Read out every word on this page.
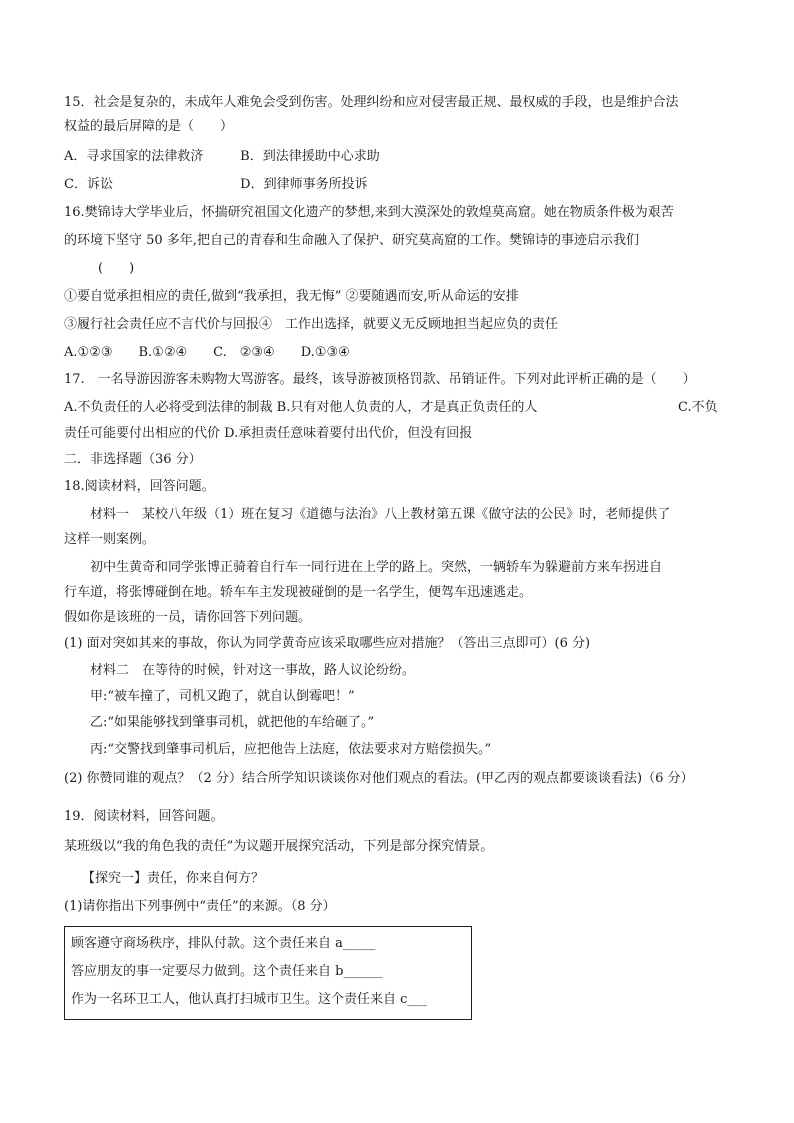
15．社会是复杂的，未成年人难免会受到伤害。处理纠纷和应对侵害最正规、最权威的手段，也是维护合法
权益的最后屏障的是（　　）
A．寻求国家的法律救济	B．到法律援助中心求助
C．诉讼	D．到律师事务所投诉
16.樊锦诗大学毕业后，怀揣研究祖国文化遗产的梦想,来到大漠深处的敦煌莫高窟。她在物质条件极为艰苦
的环境下坚守 50 多年,把自己的青春和生命融入了保护、研究莫高窟的工作。樊锦诗的事迹启示我们
(　　)
①要自觉承担相应的责任,做到“我承担，我无悔” ②要随遇而安,听从命运的安排
③履行社会责任应不言代价与回报④　工作出选择，就要义无反顾地担当起应负的责任
A.①②③　　B.①②④　　C.　②③④　　D.①③④
17.　一名导游因游客未购物大骂游客。最终，该导游被顶格罚款、吊销证件。下列对此评析正确的是（　　）
A.不负责任的人必将受到法律的制裁 B.只有对他人负责的人，才是真正负责任的人	C.不负
责任可能要付出相应的代价 D.承担责任意味着要付出代价，但没有回报
二．非选择题（36 分）
18.阅读材料，回答问题。
材料一　某校八年级（1）班在复习《道德与法治》八上教材第五课《做守法的公民》时，老师提供了
这样一则案例。
初中生黄奇和同学张博正骑着自行车一同行进在上学的路上。突然，一辆轿车为躲避前方来车拐进自
行车道，将张博碰倒在地。轿车车主发现被碰倒的是一名学生，便驾车迅速逃走。
假如你是该班的一员，请你回答下列问题。
(1) 面对突如其来的事故，你认为同学黄奇应该采取哪些应对措施？（答出三点即可）(6 分)
材料二　在等待的时候，针对这一事故，路人议论纷纷。
甲:“被车撞了，司机又跑了，就自认倒霉吧！”
乙:“如果能够找到肇事司机，就把他的车给砸了。”
丙:“交警找到肇事司机后，应把他告上法庭，依法要求对方赔偿损失。”
(2) 你赞同谁的观点？（2 分）结合所学知识谈谈你对他们观点的看法。(甲乙丙的观点都要谈谈看法)（6 分）
19．阅读材料，回答问题。
某班级以“我的角色我的责任”为议题开展探究活动，下列是部分探究情景。
【探究一】责任，你来自何方？
(1)请你指出下列事例中“责任”的来源。（8 分）
顾客遵守商场秩序，排队付款。这个责任来自 a_____
答应朋友的事一定要尽力做到。这个责任来自 b______
作为一名环卫工人，他认真打扫城市卫生。这个责任来自 c___
